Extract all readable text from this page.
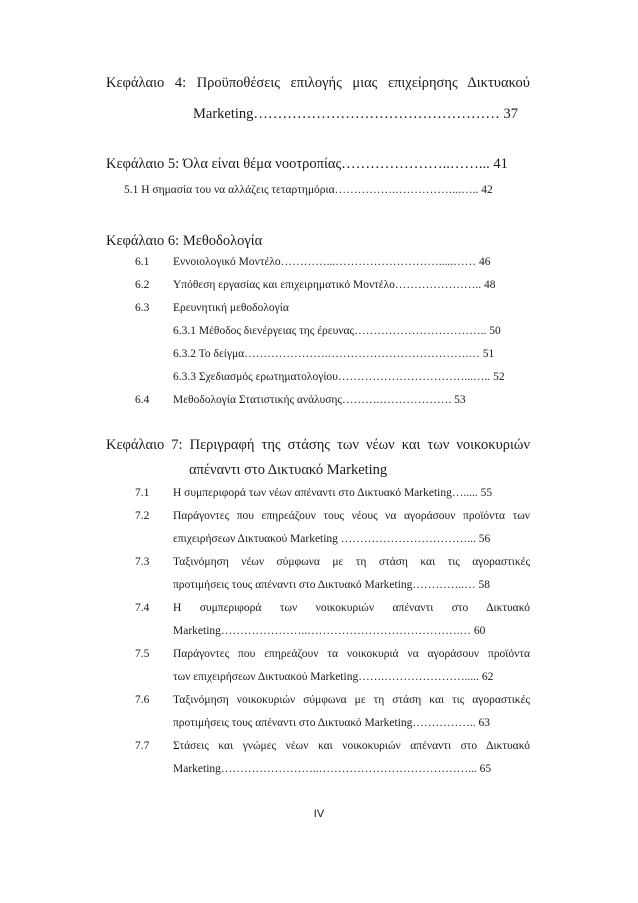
Κεφάλαιο 4: Προϋποθέσεις επιλογής μιας επιχείρησης Δικτυακού
Marketing…………………………………………… 37
Κεφάλαιο 5: Όλα είναι θέμα νοοτροπίας…………………..……... 41
5.1 Η σημασία του να αλλάζεις τεταρτημόρια…………….……………...….. 42
Κεφάλαιο 6: Μεθοδολογία
6.1 Εννοιολογικό Μοντέλο…………...……………………….....…… 46
6.2 Υπόθεση εργασίας και επιχειρηματικό Μοντέλο………………….. 48
6.3 Ερευνητική μεθοδολογία
6.3.1 Μέθοδος διενέργειας της έρευνας…………………………….. 50
6.3.2 Το δείγμα………………….……………………………….… 51
6.3.3 Σχεδιασμός ερωτηματολογίου……………………………...….. 52
6.4 Μεθοδολογία Στατιστικής ανάλυσης……….………………. 53
Κεφάλαιο 7: Περιγραφή της στάσης των νέων και των νοικοκυριών
απέναντι στο Δικτυακό Marketing
7.1 Η συμπεριφορά των νέων απέναντι στο Δικτυακό Marketing…..... 55
7.2 Παράγοντες που επηρεάζουν τους νέους να αγοράσουν προϊόντα των
επιχειρήσεων Δικτυακού Marketing ……………………………... 56
7.3 Ταξινόμηση νέων σύμφωνα με τη στάση και τις αγοραστικές
προτιμήσεις τους απέναντι στο Δικτυακό Marketing…………..… 58
7.4 Η συμπεριφορά των νοικοκυριών απέναντι στο Δικτυακό
Marketing…………………..………………………………….… 60
7.5 Παράγοντες που επηρεάζουν τα νοικοκυριά να αγοράσουν προϊόντα
των επιχειρήσεων Δικτυακού Marketing…….…………………..... 62
7.6 Ταξινόμηση νοικοκυριών σύμφωνα με τη στάση και τις αγοραστικές
προτιμήσεις τους απέναντι στο Δικτυακό Marketing…………….. 63
7.7 Στάσεις και γνώμες νέων και νοικοκυριών απέναντι στο Δικτυακό
Marketing……………………..…………………………………... 65
IV
